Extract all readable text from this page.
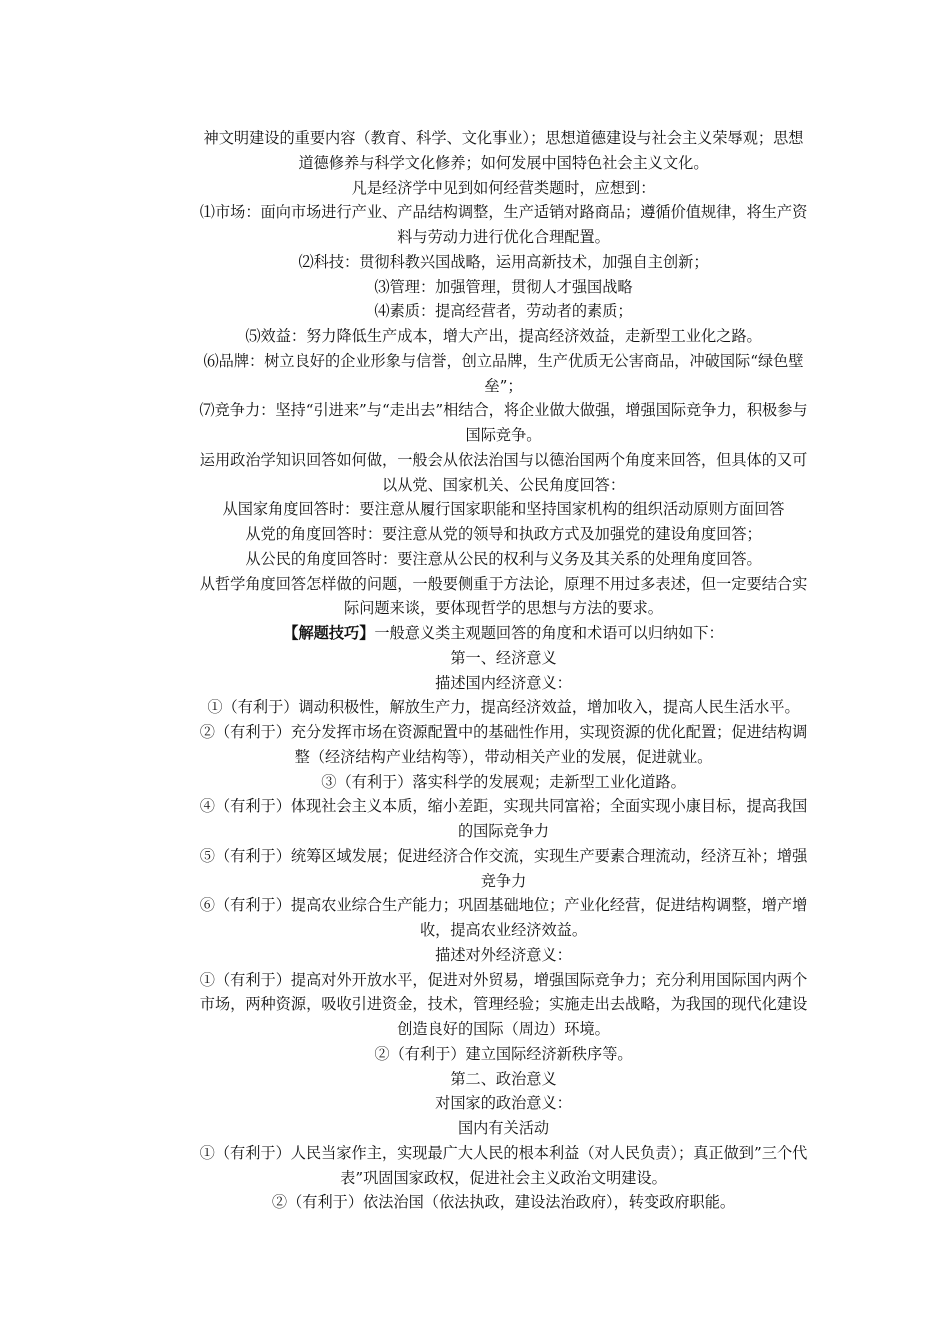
神文明建设的重要内容（教育、科学、文化事业）；思想道德建设与社会主义荣辱观；思想道德修养与科学文化修养；如何发展中国特色社会主义文化。

凡是经济学中见到如何经营类题时，应想到：

⑴市场：面向市场进行产业、产品结构调整，生产适销对路商品；遵循价值规律，将生产资料与劳动力进行优化合理配置。

⑵科技：贯彻科教兴国战略，运用高新技术，加强自主创新；

⑶管理：加强管理，贯彻人才强国战略

⑷素质：提高经营者，劳动者的素质；

⑸效益：努力降低生产成本，增大产出，提高经济效益，走新型工业化之路。

⑹品牌：树立良好的企业形象与信誉，创立品牌，生产优质无公害商品，冲破国际“绿色壁垒”；

⑺竞争力：坚持“引进来”与“走出去”相结合，将企业做大做强，增强国际竞争力，积极参与国际竞争。

运用政治学知识回答如何做，一般会从依法治国与以德治国两个角度来回答，但具体的又可以从党、国家机关、公民角度回答：

从国家角度回答时：要注意从履行国家职能和坚持国家机构的组织活动原则方面回答

从党的角度回答时：要注意从党的领导和执政方式及加强党的建设角度回答；

从公民的角度回答时：要注意从公民的权利与义务及其关系的处理角度回答。

从哲学角度回答怎样做的问题，一般要侧重于方法论，原理不用过多表述，但一定要结合实际问题来谈，要体现哲学的思想与方法的要求。

【解题技巧】一般意义类主观题回答的角度和术语可以归纳如下：

第一、经济意义

描述国内经济意义：

①（有利于）调动积极性，解放生产力，提高经济效益，增加收入，提高人民生活水平。

②（有利于）充分发挥市场在资源配置中的基础性作用，实现资源的优化配置；促进结构调整（经济结构产业结构等），带动相关产业的发展，促进就业。

③（有利于）落实科学的发展观；走新型工业化道路。

④（有利于）体现社会主义本质，缩小差距，实现共同富裕；全面实现小康目标，提高我国的国际竞争力

⑤（有利于）统筹区域发展；促进经济合作交流，实现生产要素合理流动，经济互补；增强竞争力

⑥（有利于）提高农业综合生产能力；巩固基础地位；产业化经营，促进结构调整，增产增收，提高农业经济效益。

描述对外经济意义：

①（有利于）提高对外开放水平，促进对外贸易，增强国际竞争力；充分利用国际国内两个市场，两种资源，吸收引进资金，技术，管理经验；实施走出去战略，为我国的现代化建设创造良好的国际（周边）环境。

②（有利于）建立国际经济新秩序等。

第二、政治意义

对国家的政治意义：

国内有关活动

①（有利于）人民当家作主，实现最广大人民的根本利益（对人民负责）；真正做到”三个代表”巩固国家政权，促进社会主义政治文明建设。

②（有利于）依法治国（依法执政，建设法治政府），转变政府职能。
